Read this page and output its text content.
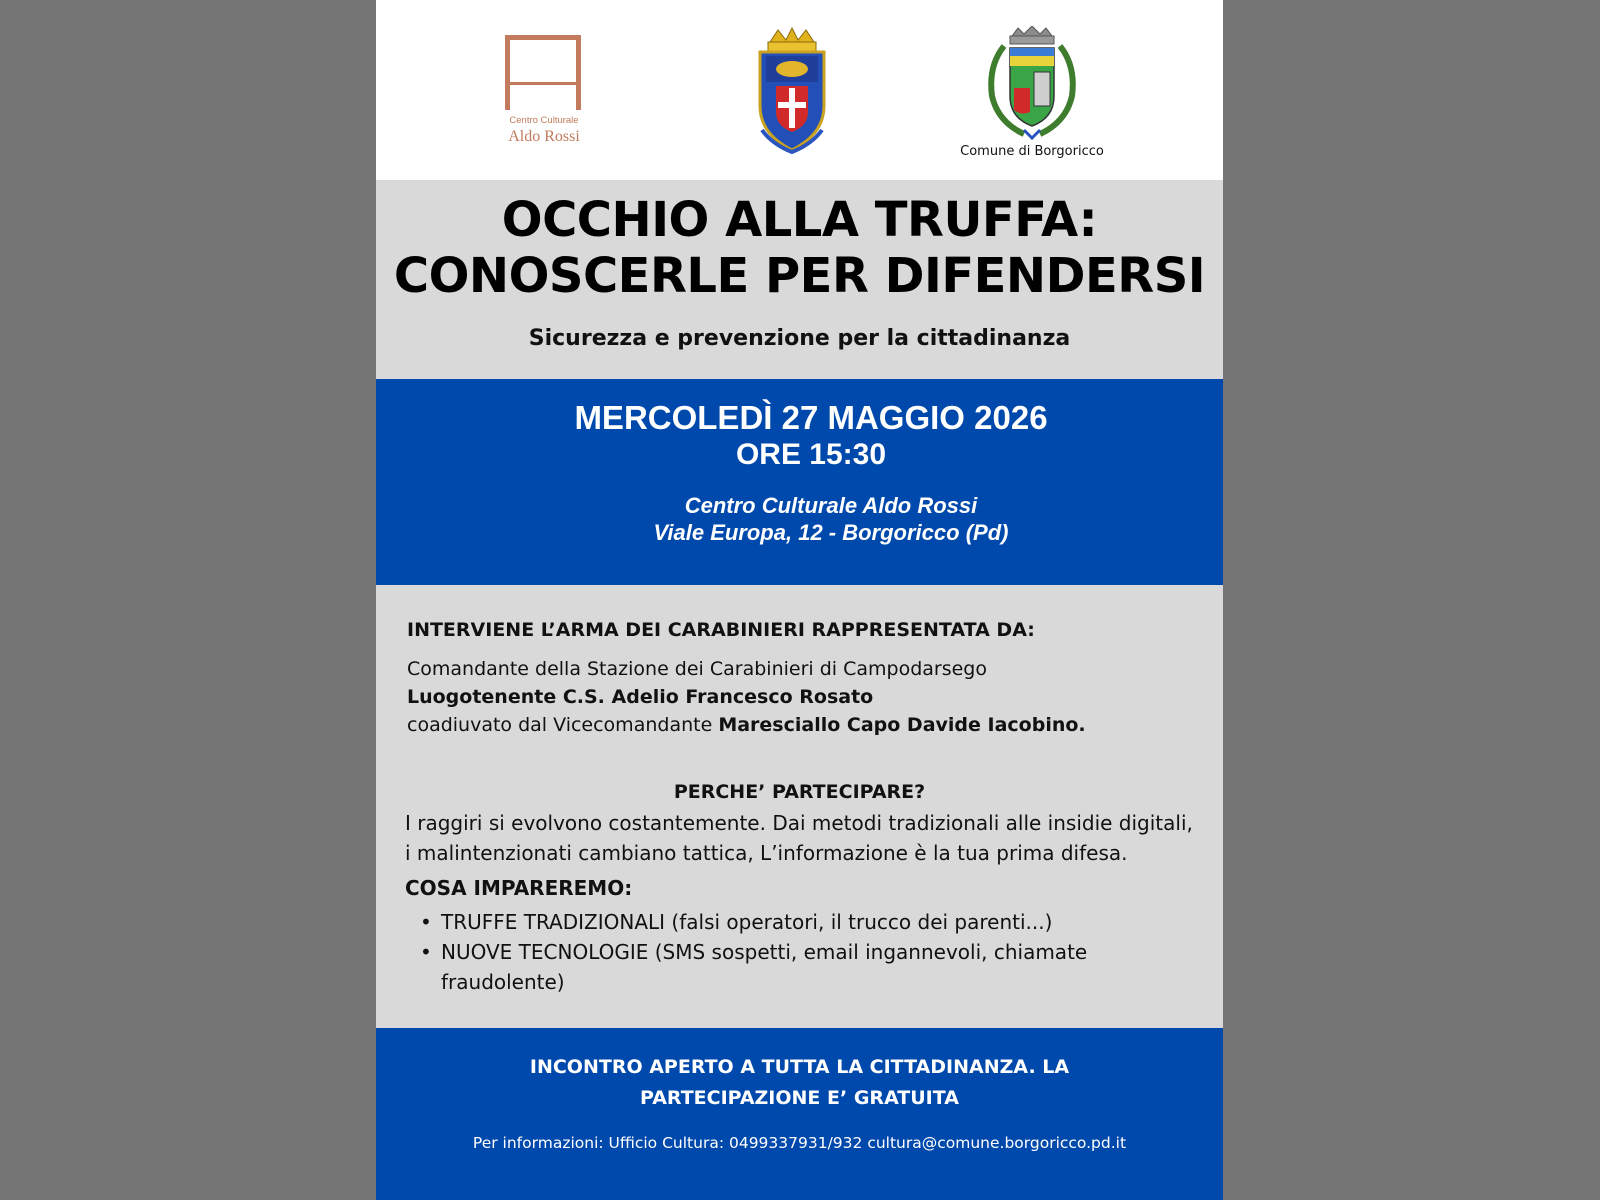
Centro Culturale
Aldo Rossi
Comune di Borgoricco
OCCHIO ALLA TRUFFA:
CONOSCERLE PER DIFENDERSI
Sicurezza e prevenzione per la cittadinanza
MERCOLEDÌ 27 MAGGIO 2026
ORE 15:30
Centro Culturale Aldo Rossi
Viale Europa, 12 - Borgoricco (Pd)
INTERVIENE L’ARMA DEI CARABINIERI RAPPRESENTATA DA:
Comandante della Stazione dei Carabinieri di Campodarsego
Luogotenente C.S. Adelio Francesco Rosato
coadiuvato dal Vicecomandante Maresciallo Capo Davide Iacobino.
PERCHE’ PARTECIPARE?
I raggiri si evolvono costantemente. Dai metodi tradizionali alle insidie digitali,
i malintenzionati cambiano tattica, L’informazione è la tua prima difesa.
COSA IMPAREREMO:
• TRUFFE TRADIZIONALI (falsi operatori, il trucco dei parenti...)
• NUOVE TECNOLOGIE (SMS sospetti, email ingannevoli, chiamate
fraudolente)
INCONTRO APERTO A TUTTA LA CITTADINANZA. LA
PARTECIPAZIONE E’ GRATUITA
Per informazioni: Ufficio Cultura: 0499337931/932 cultura@comune.borgoricco.pd.it
